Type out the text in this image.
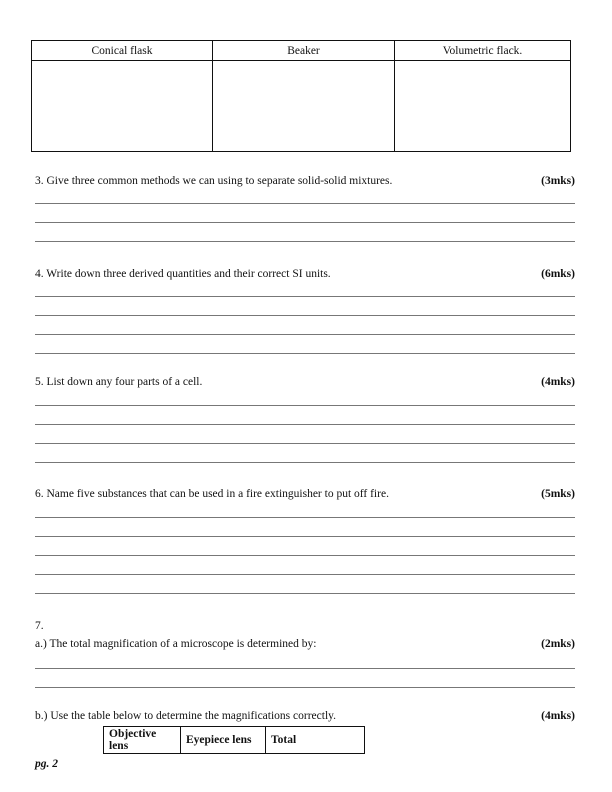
Conical flask	Beaker	Volumetric flack.

3. Give three common methods we can using to separate solid-solid mixtures.	(3mks)
4. Write down three derived quantities and their correct SI units.	(6mks)
5. List down any four parts of a cell.	(4mks)
6. Name five substances that can be used in a fire extinguisher to put off fire.	(5mks)
7.
a.) The total magnification of a microscope is determined by:	(2mks)
b.) Use the table below to determine the magnifications correctly.	(4mks)
Objective lens	Eyepiece lens	Total
pg. 2
